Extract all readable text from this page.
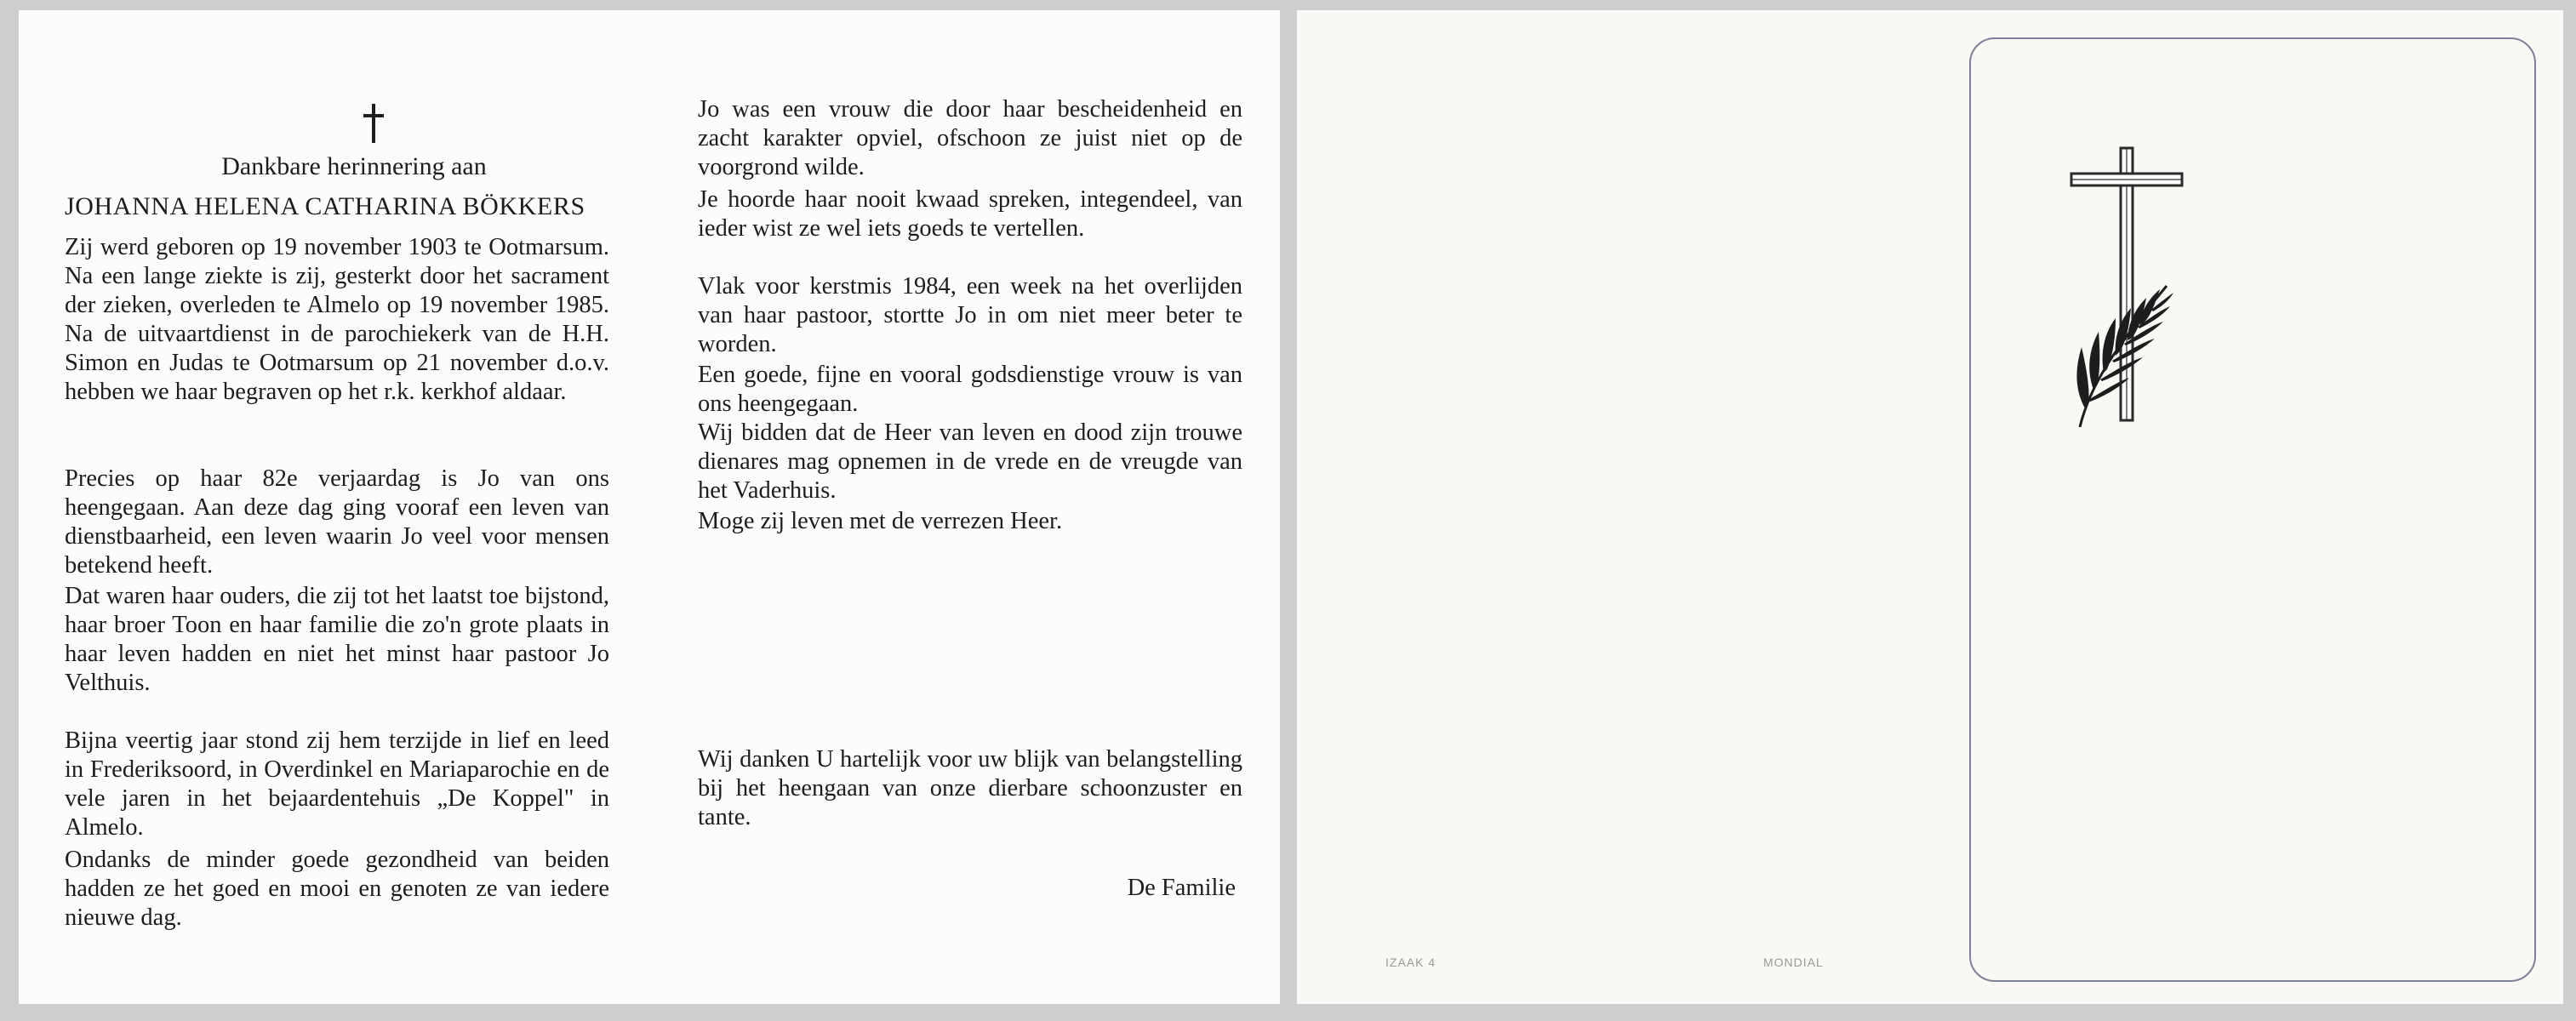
Dankbare herinnering aan
JOHANNA HELENA CATHARINA BÖKKERS

Zij werd geboren op 19 november 1903 te Ootmarsum. Na een lange ziekte is zij, gesterkt door het sacrament der zieken, overleden te Almelo op 19 november 1985. Na de uitvaartdienst in de parochiekerk van de H.H. Simon en Judas te Ootmarsum op 21 november d.o.v. hebben we haar begraven op het r.k. kerkhof aldaar.

Precies op haar 82e verjaardag is Jo van ons heengegaan. Aan deze dag ging vooraf een leven van dienstbaarheid, een leven waarin Jo veel voor mensen betekend heeft.

Dat waren haar ouders, die zij tot het laatst toe bijstond, haar broer Toon en haar familie die zo'n grote plaats in haar leven hadden en niet het minst haar pastoor Jo Velthuis.

Bijna veertig jaar stond zij hem terzijde in lief en leed in Frederiksoord, in Overdinkel en Mariaparochie en de vele jaren in het bejaardentehuis „De Koppel" in Almelo.

Ondanks de minder goede gezondheid van beiden hadden ze het goed en mooi en genoten ze van iedere nieuwe dag.

Jo was een vrouw die door haar bescheidenheid en zacht karakter opviel, ofschoon ze juist niet op de voorgrond wilde.

Je hoorde haar nooit kwaad spreken, integendeel, van ieder wist ze wel iets goeds te vertellen.

Vlak voor kerstmis 1984, een week na het overlijden van haar pastoor, stortte Jo in om niet meer beter te worden.

Een goede, fijne en vooral godsdienstige vrouw is van ons heengegaan.

Wij bidden dat de Heer van leven en dood zijn trouwe dienares mag opnemen in de vrede en de vreugde van het Vaderhuis.

Moge zij leven met de verrezen Heer.

Wij danken U hartelijk voor uw blijk van belangstelling bij het heengaan van onze dierbare schoonzuster en tante.

De Familie
IZAAK 4	MONDIAL
